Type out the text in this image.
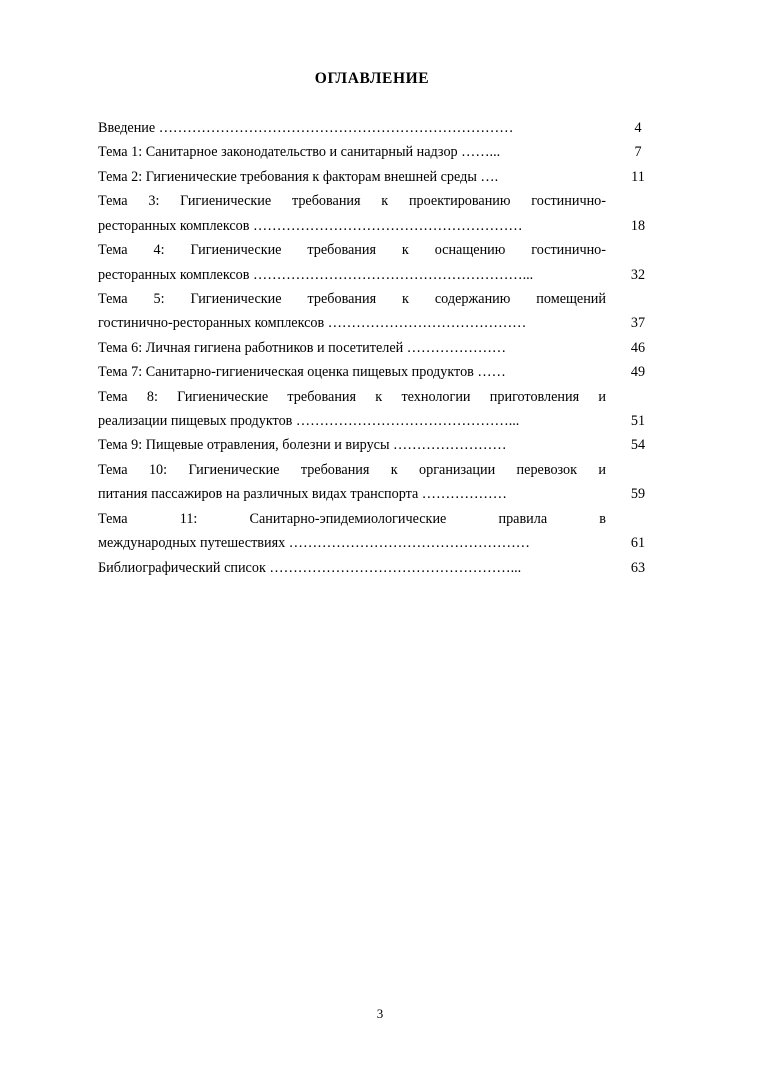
ОГЛАВЛЕНИЕ
Введение …………………………………………………………………	4
Тема 1: Санитарное законодательство и санитарный надзор ……...	7
Тема 2: Гигиенические требования к факторам внешней среды ….	11
Тема 3: Гигиенические требования к проектированию гостинично-
ресторанных комплексов …………………………………………………	18
Тема 4: Гигиенические требования к оснащению гостинично-
ресторанных комплексов …………………………………………………...	32
Тема 5: Гигиенические требования к содержанию помещений
гостинично-ресторанных комплексов ……………………………………	37
Тема 6: Личная гигиена работников и посетителей …………………	46
Тема 7: Санитарно-гигиеническая оценка пищевых продуктов ……	49
Тема 8: Гигиенические требования к технологии приготовления и
реализации пищевых продуктов ………………………………………...	51
Тема 9: Пищевые отравления, болезни и вирусы ……………………	54
Тема 10: Гигиенические требования к организации перевозок и
питания пассажиров на различных видах транспорта ………………	59
Тема 11: Санитарно-эпидемиологические правила в
международных путешествиях ……………………………………………	61
Библиографический список ……………………………………………...	63
3
